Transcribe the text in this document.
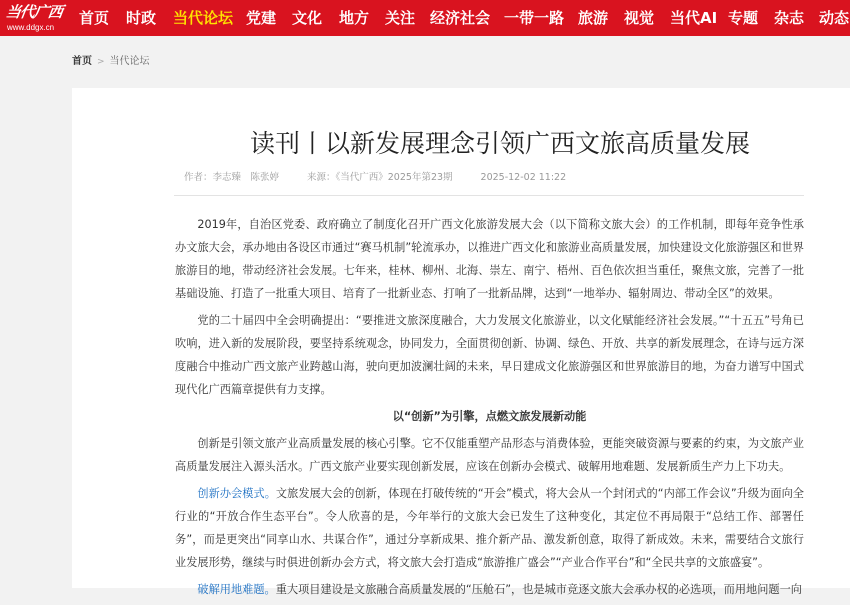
当代广西
www.ddgx.cn
首页 时政 当代论坛 党建 文化 地方 关注 经济社会 一带一路 旅游 视觉 当代AI 专题 杂志 动态
首页 > 当代论坛
读刊丨以新发展理念引领广西文旅高质量发展
作者：李志臻　陈张婷	来源：《当代广西》2025年第23期	2025-12-02 11:22

2019年，自治区党委、政府确立了制度化召开广西文化旅游发展大会（以下简称文旅大会）的工作机制，即每年竞争性承办文旅大会，承办地由各设区市通过“赛马机制”轮流承办，以推进广西文化和旅游业高质量发展，加快建设文化旅游强区和世界旅游目的地，带动经济社会发展。七年来，桂林、柳州、北海、崇左、南宁、梧州、百色依次担当重任，聚焦文旅，完善了一批基础设施、打造了一批重大项目、培育了一批新业态、打响了一批新品牌，达到“一地举办、辐射周边、带动全区”的效果。

党的二十届四中全会明确提出：“要推进文旅深度融合，大力发展文化旅游业，以文化赋能经济社会发展。”“十五五”号角已吹响，进入新的发展阶段，要坚持系统观念，协同发力，全面贯彻创新、协调、绿色、开放、共享的新发展理念，在诗与远方深度融合中推动广西文旅产业跨越山海，驶向更加波澜壮阔的未来，早日建成文化旅游强区和世界旅游目的地，为奋力谱写中国式现代化广西篇章提供有力支撑。

以“创新”为引擎，点燃文旅发展新动能

创新是引领文旅产业高质量发展的核心引擎。它不仅能重塑产品形态与消费体验，更能突破资源与要素的约束，为文旅产业高质量发展注入源头活水。广西文旅产业要实现创新发展，应该在创新办会模式、破解用地难题、发展新质生产力上下功夫。

创新办会模式。文旅发展大会的创新，体现在打破传统的“开会”模式，将大会从一个封闭式的“内部工作会议”升级为面向全行业的“开放合作生态平台”。令人欣喜的是，今年举行的文旅大会已发生了这种变化，其定位不再局限于“总结工作、部署任务”，而是更突出“同享山水、共谋合作”，通过分享新成果、推介新产品、激发新创意，取得了新成效。未来，需要结合文旅行业发展形势，继续与时俱进创新办会方式，将文旅大会打造成“旅游推广盛会”“产业合作平台”和“全民共享的文旅盛宴”。

破解用地难题。重大项目建设是文旅融合高质量发展的“压舱石”，也是城市竞逐文旅大会承办权的必选项，而用地问题一向
